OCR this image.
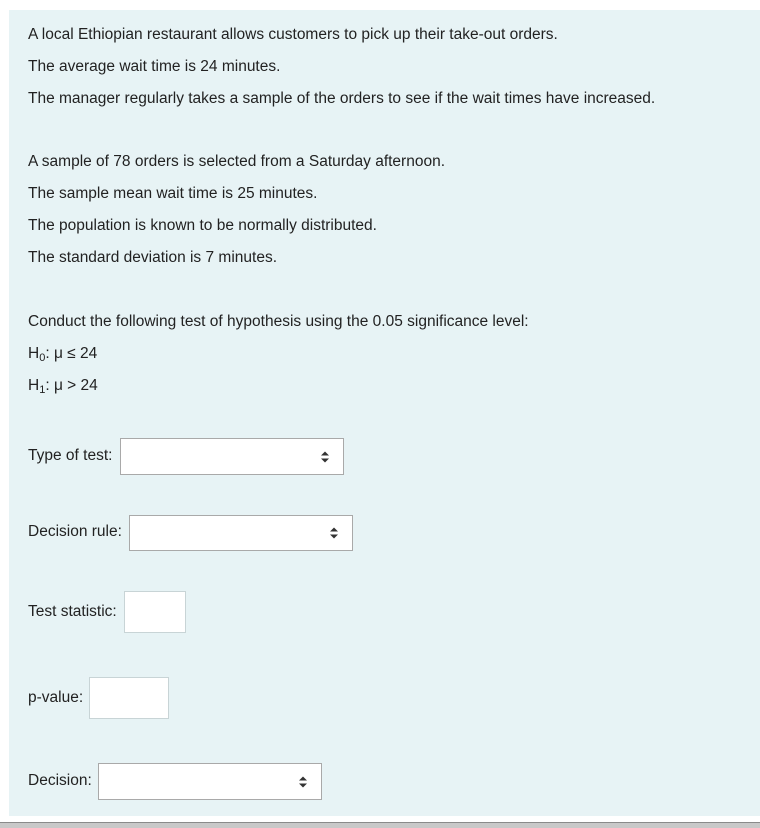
A local Ethiopian restaurant allows customers to pick up their take-out orders.
The average wait time is 24 minutes.
The manager regularly takes a sample of the orders to see if the wait times have increased.
A sample of 78 orders is selected from a Saturday afternoon.
The sample mean wait time is 25 minutes.
The population is known to be normally distributed.
The standard deviation is 7 minutes.
Conduct the following test of hypothesis using the 0.05 significance level:
$H_0$: μ ≤ 24
$H_1$: μ > 24
Type of test:
Decision rule:
Test statistic:
p-value:
Decision:
